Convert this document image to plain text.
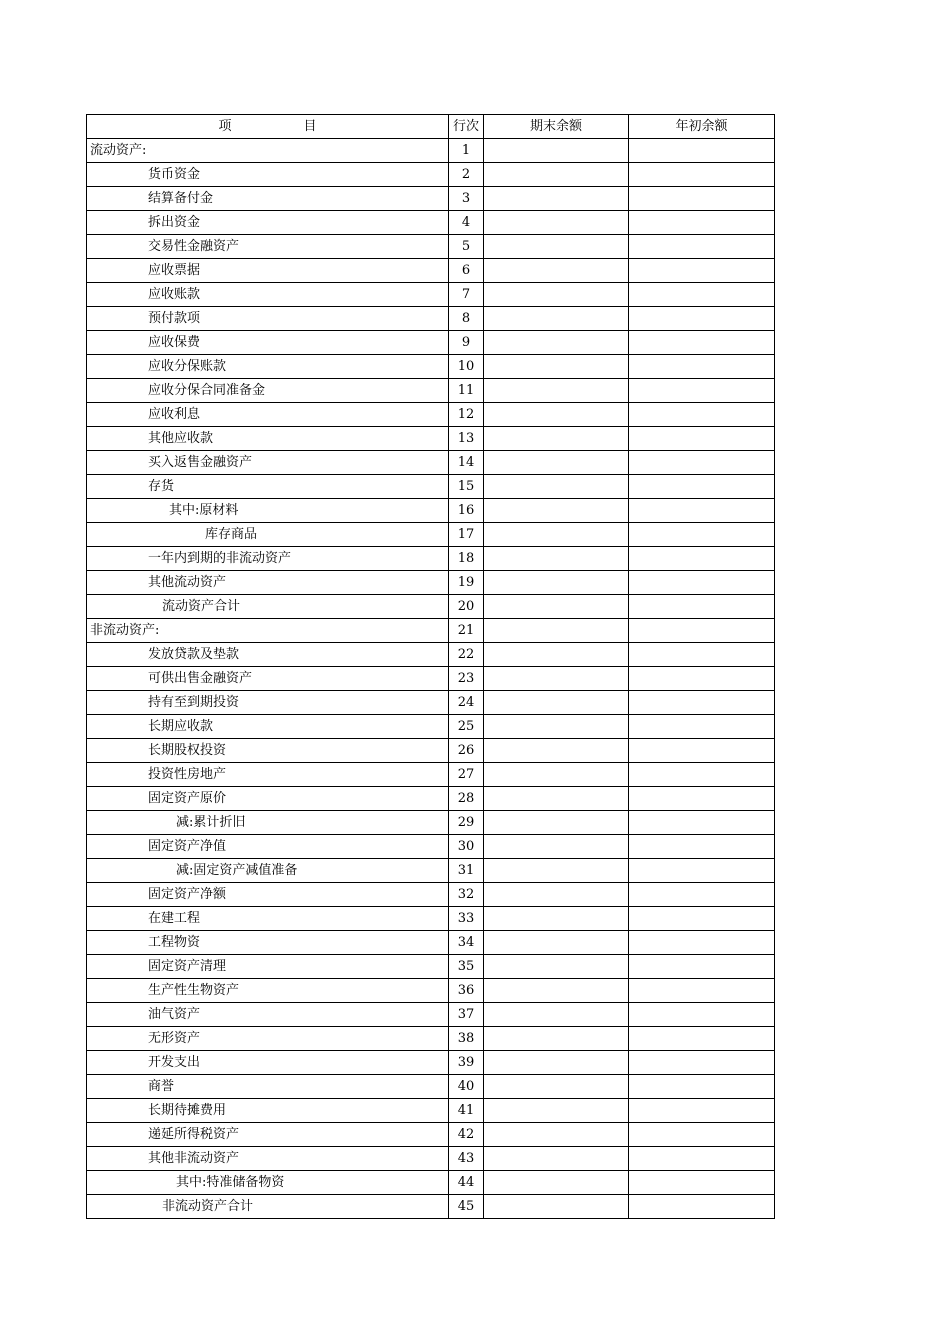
项 目	行次	期末余额	年初余额
流动资产:	1		
货币资金	2		
结算备付金	3		
拆出资金	4		
交易性金融资产	5		
应收票据	6		
应收账款	7		
预付款项	8		
应收保费	9		
应收分保账款	10		
应收分保合同准备金	11		
应收利息	12		
其他应收款	13		
买入返售金融资产	14		
存货	15		
其中:原材料	16		
库存商品	17		
一年内到期的非流动资产	18		
其他流动资产	19		
流动资产合计	20		
非流动资产:	21		
发放贷款及垫款	22		
可供出售金融资产	23		
持有至到期投资	24		
长期应收款	25		
长期股权投资	26		
投资性房地产	27		
固定资产原价	28		
减:累计折旧	29		
固定资产净值	30		
减:固定资产减值准备	31		
固定资产净额	32		
在建工程	33		
工程物资	34		
固定资产清理	35		
生产性生物资产	36		
油气资产	37		
无形资产	38		
开发支出	39		
商誉	40		
长期待摊费用	41		
递延所得税资产	42		
其他非流动资产	43		
其中:特准储备物资	44		
非流动资产合计	45		
